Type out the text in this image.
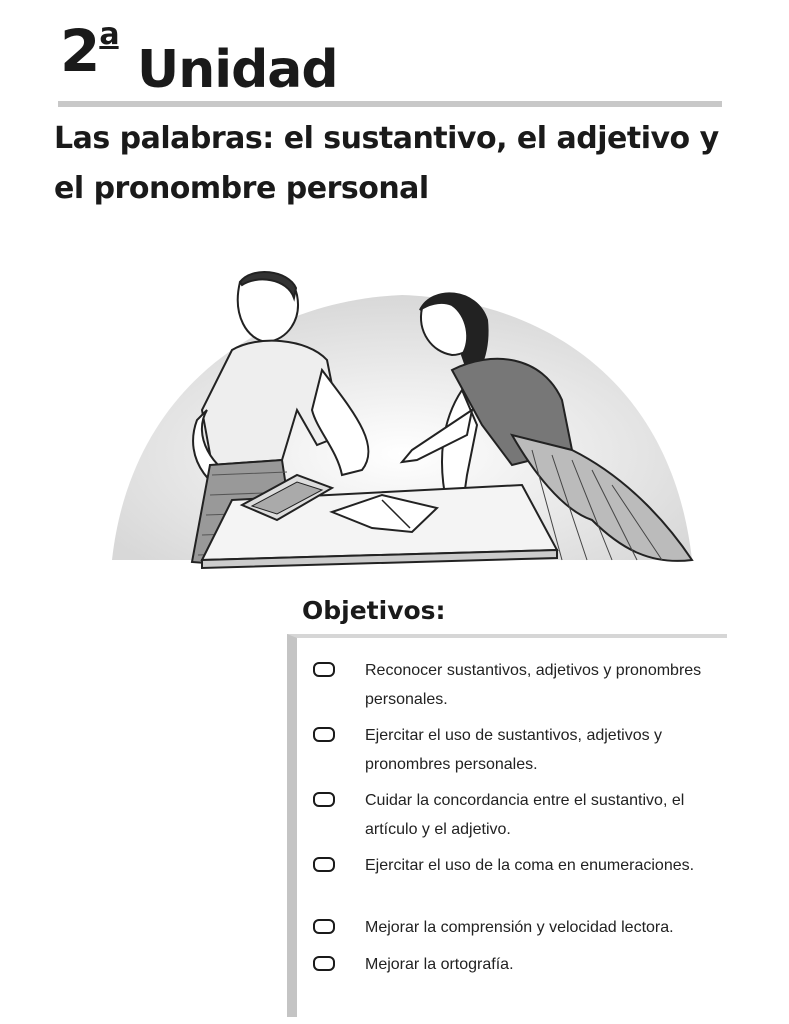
2$^a$
Unidad
Las palabras: el sustantivo, el adjetivo y el pronombre personal
Objetivos:
Reconocer sustantivos, adjetivos y pronombres personales.
Ejercitar el uso de sustantivos, adjetivos y pronombres personales.
Cuidar la concordancia entre el sustantivo, el artículo y el adjetivo.
Ejercitar el uso de la coma en enumeraciones.
Mejorar la comprensión y velocidad lectora.
Mejorar la ortografía.
